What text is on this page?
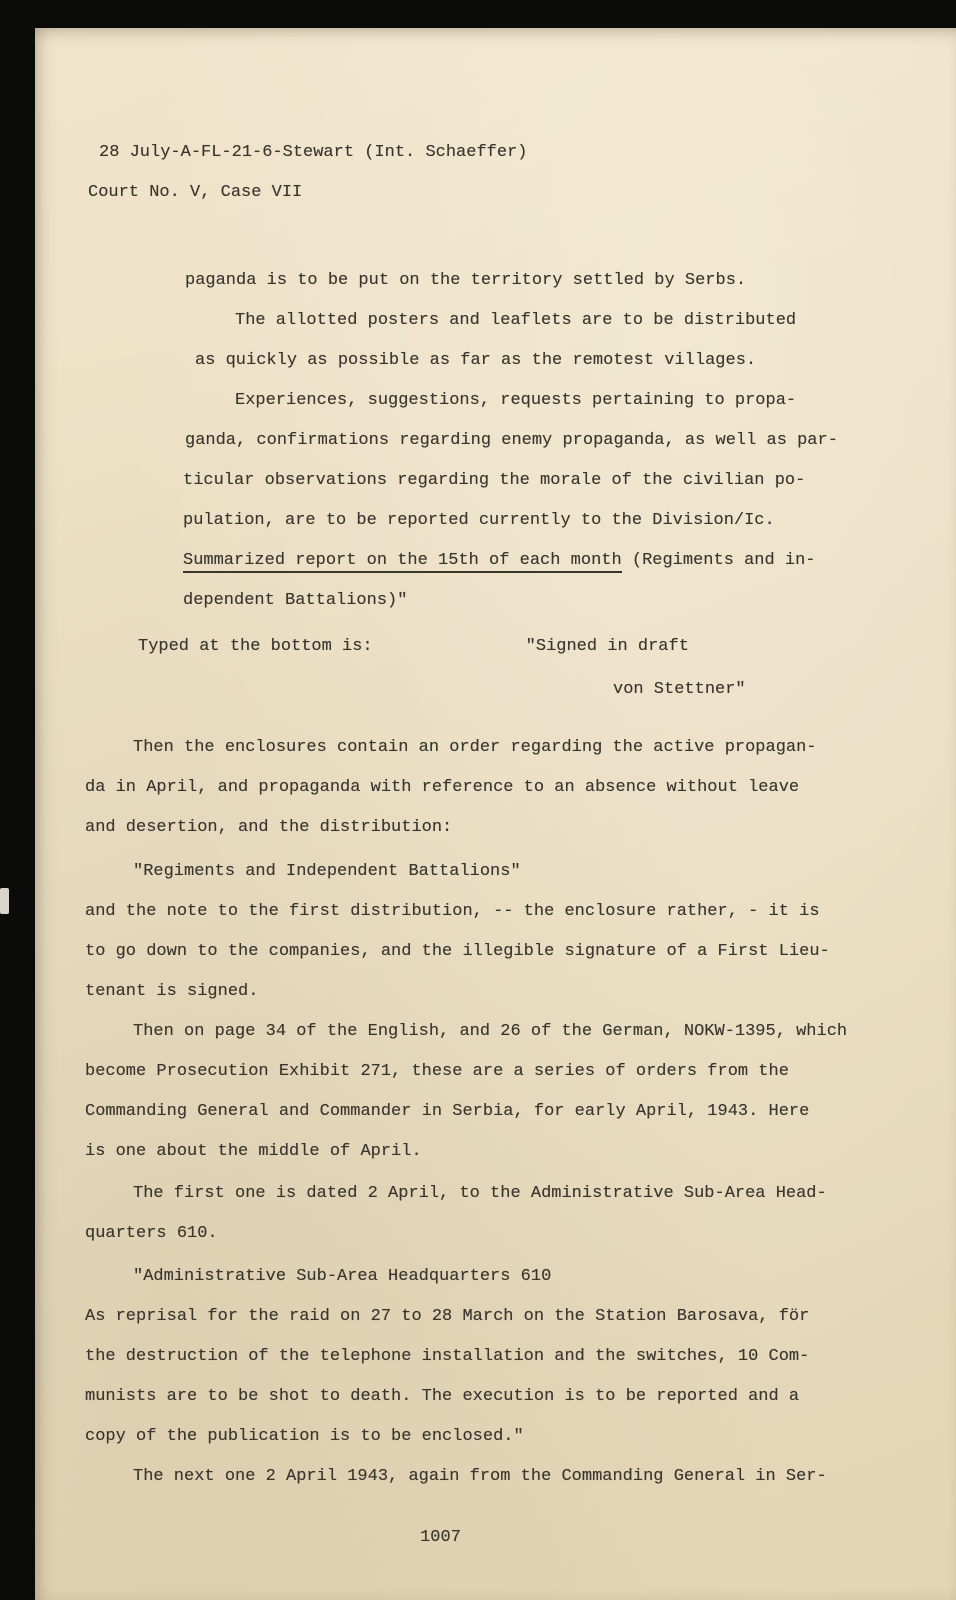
28 July-A-FL-21-6-Stewart (Int. Schaeffer)
Court No. V, Case VII
paganda is to be put on the territory settled by Serbs.
The allotted posters and leaflets are to be distributed
as quickly as possible as far as the remotest villages.
Experiences, suggestions, requests pertaining to propa-
ganda, confirmations regarding enemy propaganda, as well as par-
ticular observations regarding the morale of the civilian po-
pulation, are to be reported currently to the Division/Ic.
Summarized report on the 15th of each month (Regiments and in-
dependent Battalions)"
Typed at the bottom is:               "Signed in draft
von Stettner"
Then the enclosures contain an order regarding the active propagan-
da in April, and propaganda with reference to an absence without leave
and desertion, and the distribution:
"Regiments and Independent Battalions"
and the note to the first distribution, -- the enclosure rather, - it is
to go down to the companies, and the illegible signature of a First Lieu-
tenant is signed.
Then on page 34 of the English, and 26 of the German, NOKW-1395, which
become Prosecution Exhibit 271, these are a series of orders from the
Commanding General and Commander in Serbia, for early April, 1943. Here
is one about the middle of April.
The first one is dated 2 April, to the Administrative Sub-Area Head-
quarters 610.
"Administrative Sub-Area Headquarters 610
As reprisal for the raid on 27 to 28 March on the Station Barosava, för
the destruction of the telephone installation and the switches, 10 Com-
munists are to be shot to death. The execution is to be reported and a
copy of the publication is to be enclosed."
The next one 2 April 1943, again from the Commanding General in Ser-
1007
